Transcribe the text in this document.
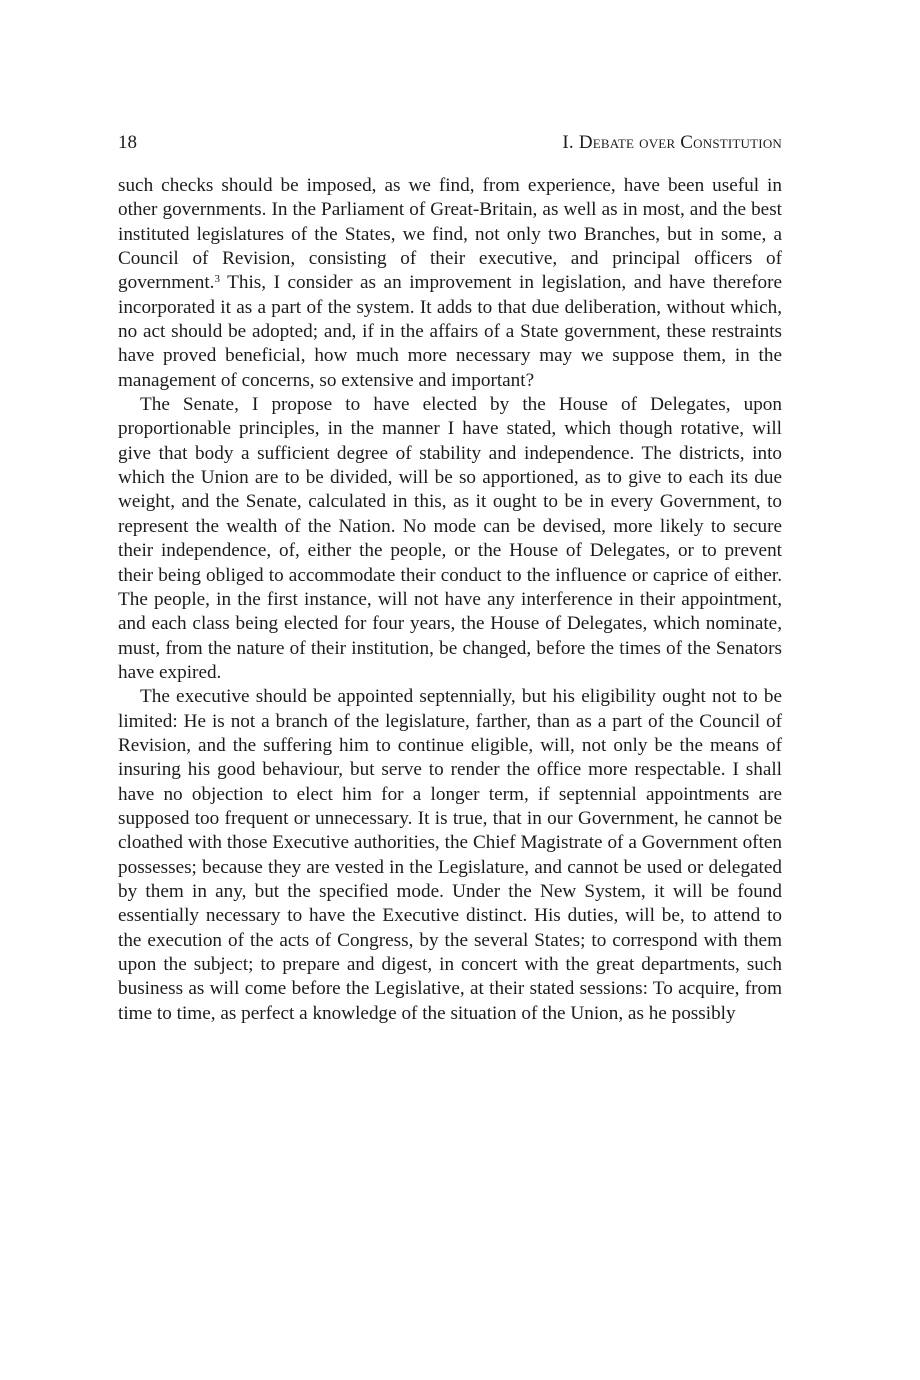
18	I. Debate over Constitution

such checks should be imposed, as we find, from experience, have been useful in other governments. In the Parliament of Great-Britain, as well as in most, and the best instituted legislatures of the States, we find, not only two Branches, but in some, a Council of Revision, consisting of their executive, and principal officers of government.$^3$ This, I consider as an improvement in legislation, and have therefore incorporated it as a part of the system. It adds to that due deliberation, without which, no act should be adopted; and, if in the affairs of a State government, these restraints have proved beneficial, how much more necessary may we suppose them, in the management of concerns, so extensive and important?

The Senate, I propose to have elected by the House of Delegates, upon proportionable principles, in the manner I have stated, which though rotative, will give that body a sufficient degree of stability and independence. The districts, into which the Union are to be divided, will be so apportioned, as to give to each its due weight, and the Senate, calculated in this, as it ought to be in every Government, to represent the wealth of the Nation. No mode can be devised, more likely to secure their independence, of, either the people, or the House of Delegates, or to prevent their being obliged to accommodate their conduct to the influence or caprice of either. The people, in the first instance, will not have any interference in their appointment, and each class being elected for four years, the House of Delegates, which nominate, must, from the nature of their institution, be changed, before the times of the Senators have expired.

The executive should be appointed septennially, but his eligibility ought not to be limited: He is not a branch of the legislature, farther, than as a part of the Council of Revision, and the suffering him to continue eligible, will, not only be the means of insuring his good behaviour, but serve to render the office more respectable. I shall have no objection to elect him for a longer term, if septennial appointments are supposed too frequent or unnecessary. It is true, that in our Government, he cannot be cloathed with those Executive authorities, the Chief Magistrate of a Government often possesses; because they are vested in the Legislature, and cannot be used or delegated by them in any, but the specified mode. Under the New System, it will be found essentially necessary to have the Executive distinct. His duties, will be, to attend to the execution of the acts of Congress, by the several States; to correspond with them upon the subject; to prepare and digest, in concert with the great departments, such business as will come before the Legislative, at their stated sessions: To acquire, from time to time, as perfect a knowledge of the situation of the Union, as he possibly
